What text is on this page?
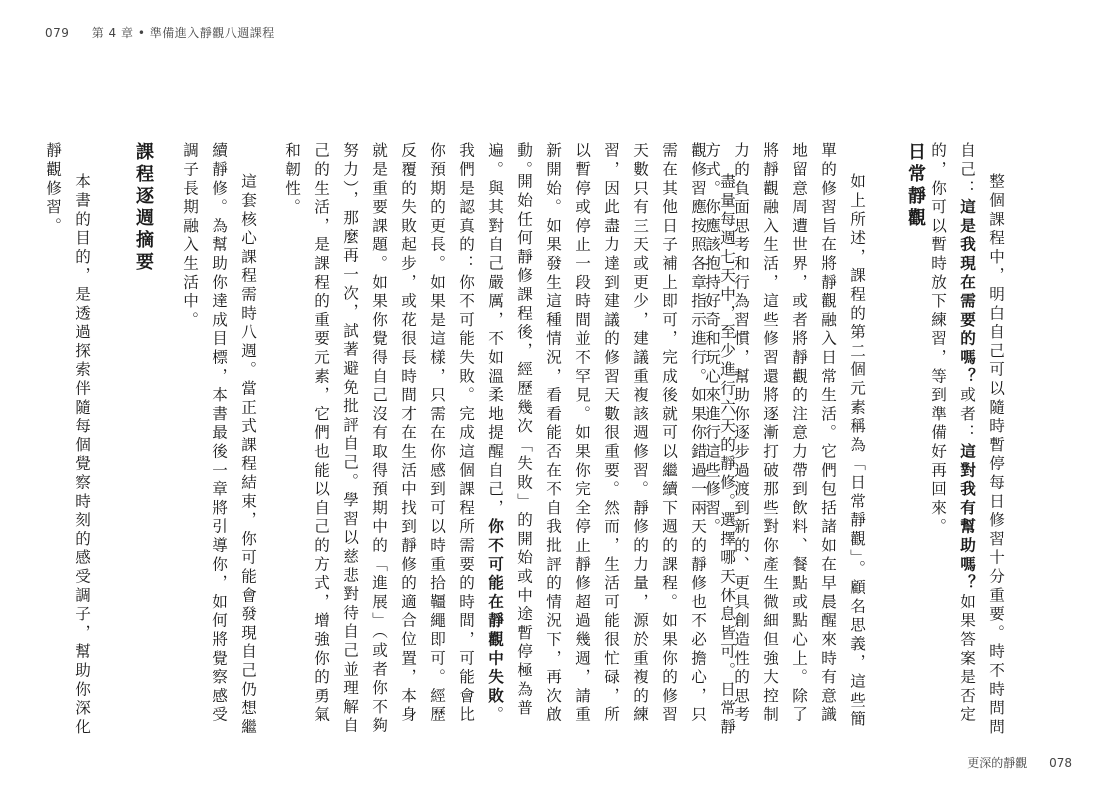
079 第 4 章 • 準備進入靜觀八週課程
整個課程中，明白自己可以隨時暫停每日修習十分重要。時不時問問自己：這是我現在需要的嗎？或者：這對我有幫助嗎？如果答案是否定的，你可以暫時放下練習，等到準備好再回來。
日常靜觀
如上所述，課程的第二個元素稱為「日常靜觀」。顧名思義，這些簡單的修習旨在將靜觀融入日常生活。它們包括諸如在早晨醒來時有意識地留意周遭世界，或者將靜觀的注意力帶到飲料、餐點或點心上。除了將靜觀融入生活，這些修習還將逐漸打破那些對你產生微細但強大控制力的負面思考和行為習慣，幫助你逐步過渡到新的、更具創造性的思考方式。你應該抱持好奇和玩心來進行這些修習。
盡量每週七天中，至少進行六天的靜修。選擇哪天休息皆可。日常靜觀修習應按照各章指示進行。如果你錯過一兩天的靜修也不必擔心，只需在其他日子補上即可，完成後就可以繼續下週的課程。如果你的修習天數只有三天或更少，建議重複該週修習。靜修的力量，源於重複的練習，因此盡力達到建議的修習天數很重要。然而，生活可能很忙碌，所以暫停或停止一段時間並不罕見。如果你完全停止靜修超過幾週，請重新開始。如果發生這種情況，看看能否在不自我批評的情況下，再次啟動。
開始任何靜修課程後，經歷幾次「失敗」的開始或中途暫停極為普遍。與其對自己嚴厲，不如溫柔地提醒自己，你不可能在靜觀中失敗。我們是認真的：你不可能失敗。完成這個課程所需要的時間，可能會比你預期的更長。如果是這樣，只需在你感到可以時重拾韁繩即可。經歷反覆的失敗起步，或花很長時間才在生活中找到靜修的適合位置，本身就是重要課題。如果你覺得自己沒有取得預期中的「進展」（或者你不夠努力），那麼再一次，試著避免批評自己。學習以慈悲對待自己並理解自己的生活，是課程的重要元素，它們也能以自己的方式，增強你的勇氣和韌性。
這套核心課程需時八週。當正式課程結束，你可能會發現自己仍想繼續靜修。為幫助你達成目標，本書最後一章將引導你，如何將覺察感受調子長期融入生活中。
課程逐週摘要
本書的目的，是透過探索伴隨每個覺察時刻的感受調子，幫助你深化靜觀修習。
更深的靜觀 078
